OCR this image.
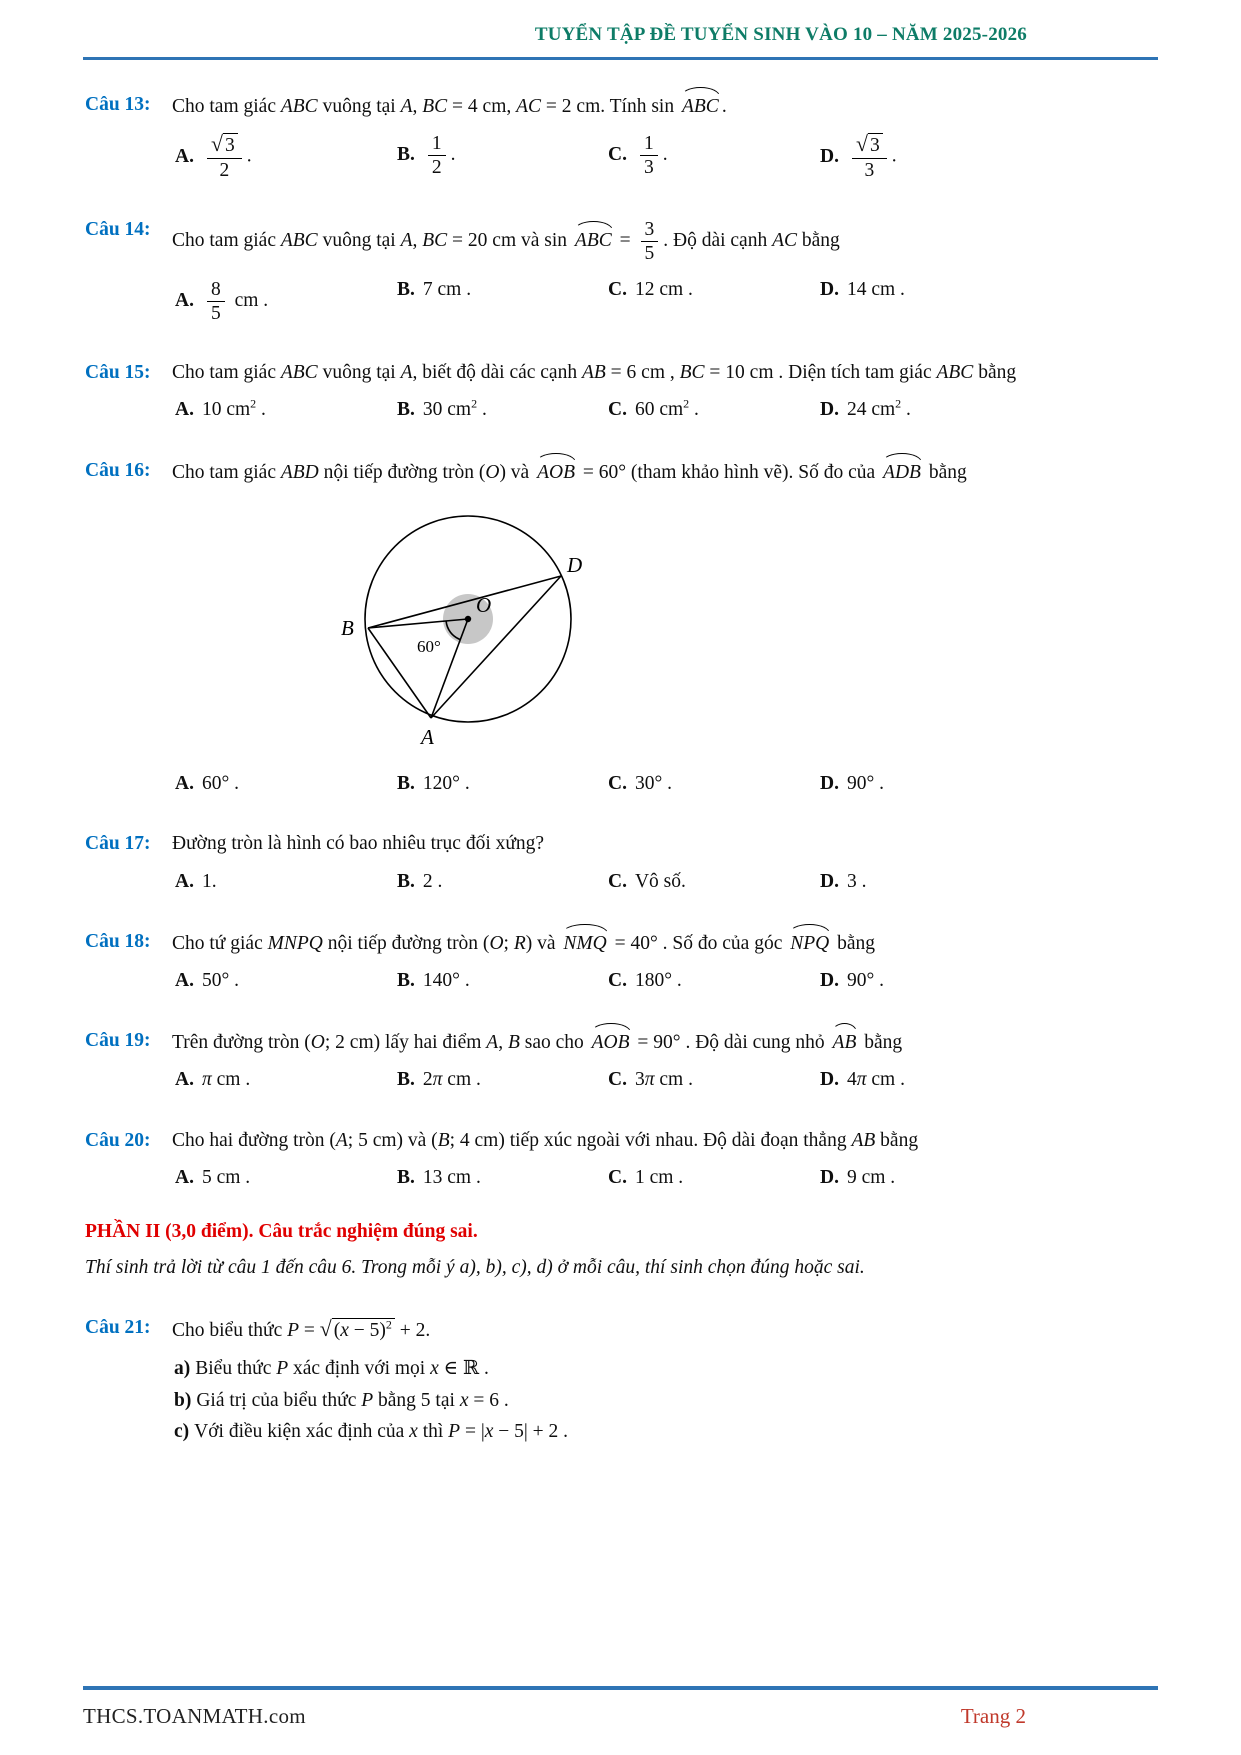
TUYỂN TẬP ĐỀ TUYỂN SINH VÀO 10 – NĂM 2025-2026
Câu 13:	Cho tam giác ABC vuông tại A, BC = 4 cm, AC = 2 cm. Tính sin ABC .
A. $\frac{√ 3}{2}$ .	B. $\frac{1}{2}$ .	C. $\frac{1}{3}$ .	D. $\frac{√ 3}{3}$ .
Câu 14:
Cho tam giác ABC vuông tại A, BC = 20 cm và sin ABC = $\frac{3}{5}$ . Độ dài cạnh AC bằng
A. $\frac{8}{5}$ cm .
B. 7 cm .	C. 12 cm .	D. 14 cm .
Câu 15:	Cho tam giác ABC vuông tại A, biết độ dài các cạnh AB = 6 cm , BC = 10 cm . Diện tích tam giác ABC bằng
A. 10 $cm^2$ .	B. 30 $cm^2$ .	C. 60 $cm^2$ .	D. 24 $cm^2$ .
Câu 16:	Cho tam giác ABD nội tiếp đường tròn (O) và AOB = 60° (tham khảo hình vẽ). Số đo của ADB bằng
B
D
A
O
60°
A. 60° .	B. 120° .	C. 30° .	D. 90° .
Câu 17:	Đường tròn là hình có bao nhiêu trục đối xứng?
A. 1.	B. 2 .	C. Vô số.	D. 3 .
Câu 18:	Cho tứ giác MNPQ nội tiếp đường tròn (O; R) và NMQ = 40° . Số đo của góc NPQ bằng
A. 50° .	B. 140° .	C. 180° .	D. 90° .
Câu 19:	Trên đường tròn (O; 2 cm) lấy hai điểm A, B sao cho AOB = 90° . Độ dài cung nhỏ AB bằng
A. π cm .	B. 2π cm .	C. 3π cm .	D. 4π cm .
Câu 20:	Cho hai đường tròn (A; 5 cm) và (B; 4 cm) tiếp xúc ngoài với nhau. Độ dài đoạn thẳng AB bằng
A. 5 cm .	B. 13 cm .	C. 1 cm .	D. 9 cm .
PHẦN II (3,0 điểm). Câu trắc nghiệm đúng sai.
Thí sinh trả lời từ câu 1 đến câu 6. Trong mỗi ý a), b), c), d) ở mỗi câu, thí sinh chọn đúng hoặc sai.
Câu 21:	Cho biểu thức P = √ $(x - 5)^2 + 2$.
a) Biểu thức P xác định với mọi x ∈ ℝ .
b) Giá trị của biểu thức P bằng 5 tại x = 6 .
c) Với điều kiện xác định của x thì P = |x − 5| + 2 .
THCS.TOANMATH.com	Trang 2
